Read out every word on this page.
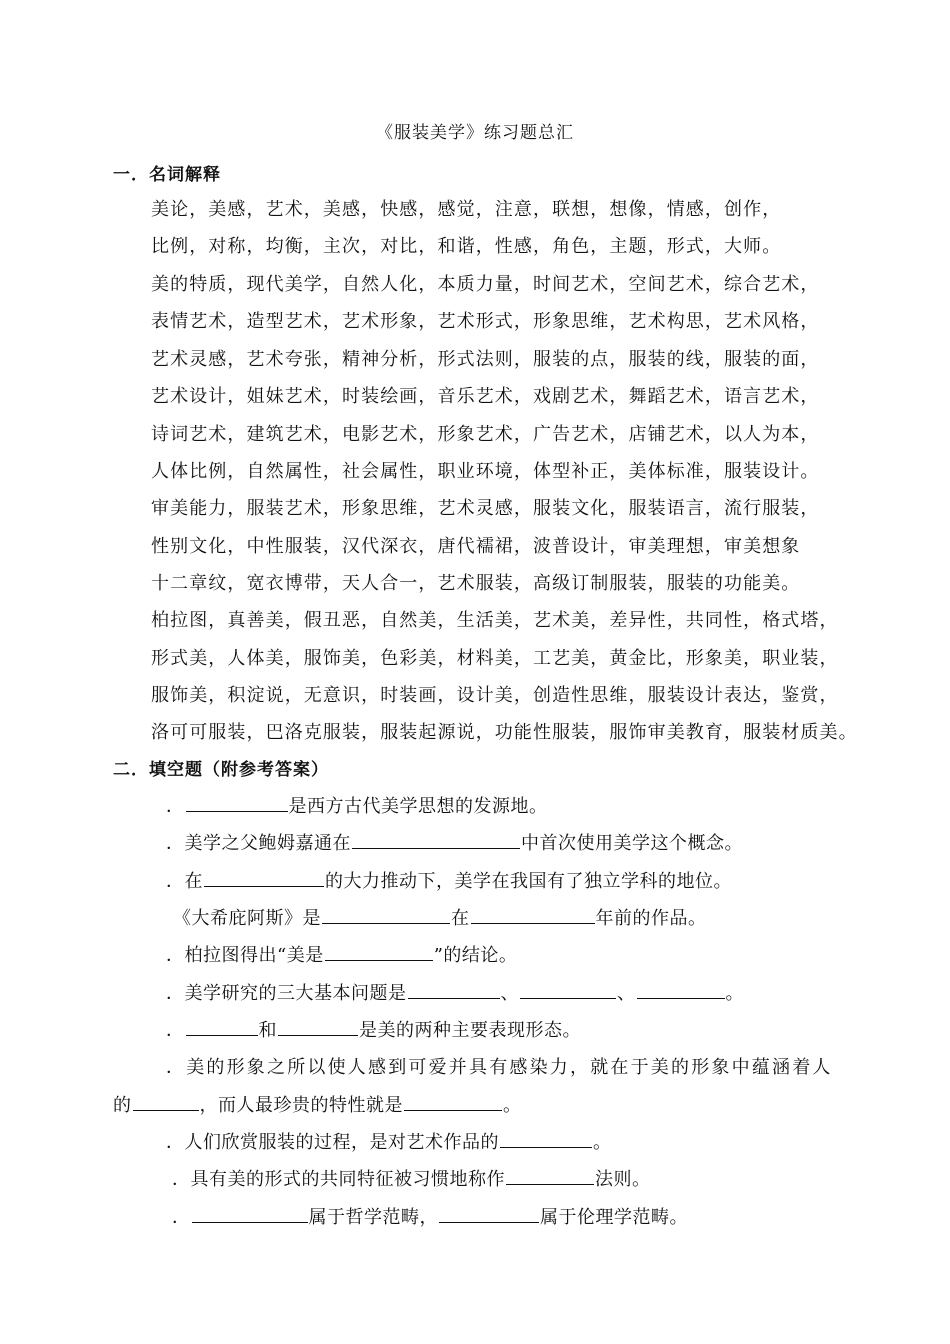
《服装美学》练习题总汇
一．名词解释
美论，美感，艺术，美感，快感，感觉，注意，联想，想像，情感，创作，
比例，对称，均衡，主次，对比，和谐，性感，角色，主题，形式，大师。
美的特质，现代美学，自然人化，本质力量，时间艺术，空间艺术，综合艺术，
表情艺术，造型艺术，艺术形象，艺术形式，形象思维，艺术构思，艺术风格，
艺术灵感，艺术夸张，精神分析，形式法则，服装的点，服装的线，服装的面，
艺术设计，姐妹艺术，时装绘画，音乐艺术，戏剧艺术，舞蹈艺术，语言艺术，
诗词艺术，建筑艺术，电影艺术，形象艺术，广告艺术，店铺艺术，以人为本，
人体比例，自然属性，社会属性，职业环境，体型补正，美体标准，服装设计。
审美能力，服装艺术，形象思维，艺术灵感，服装文化，服装语言，流行服装，
性别文化，中性服装，汉代深衣，唐代襦裙，波普设计，审美理想，审美想象
十二章纹，宽衣博带，天人合一，艺术服装，高级订制服装，服装的功能美。
柏拉图，真善美，假丑恶，自然美，生活美，艺术美，差异性，共同性，格式塔，
形式美，人体美，服饰美，色彩美，材料美，工艺美，黄金比，形象美，职业装，
服饰美，积淀说，无意识，时装画，设计美，创造性思维，服装设计表达，鉴赏，
洛可可服装，巴洛克服装，服装起源说，功能性服装，服饰审美教育，服装材质美。
二．填空题（附参考答案）
．	是西方古代美学思想的发源地。
．美学之父鲍姆嘉通在	中首次使用美学这个概念。
．在	的大力推动下，美学在我国有了独立学科的地位。
《大希庇阿斯》是	在	年前的作品。
．柏拉图得出“美是	”的结论。
．美学研究的三大基本问题是	、	、	。
．	和	是美的两种主要表现形态。
．美的形象之所以使人感到可爱并具有感染力，就在于美的形象中蕴涵着人
的	，而人最珍贵的特性就是	。
．人们欣赏服装的过程，是对艺术作品的	。
．具有美的形式的共同特征被习惯地称作	法则。
．	属于哲学范畴，	属于伦理学范畴。
